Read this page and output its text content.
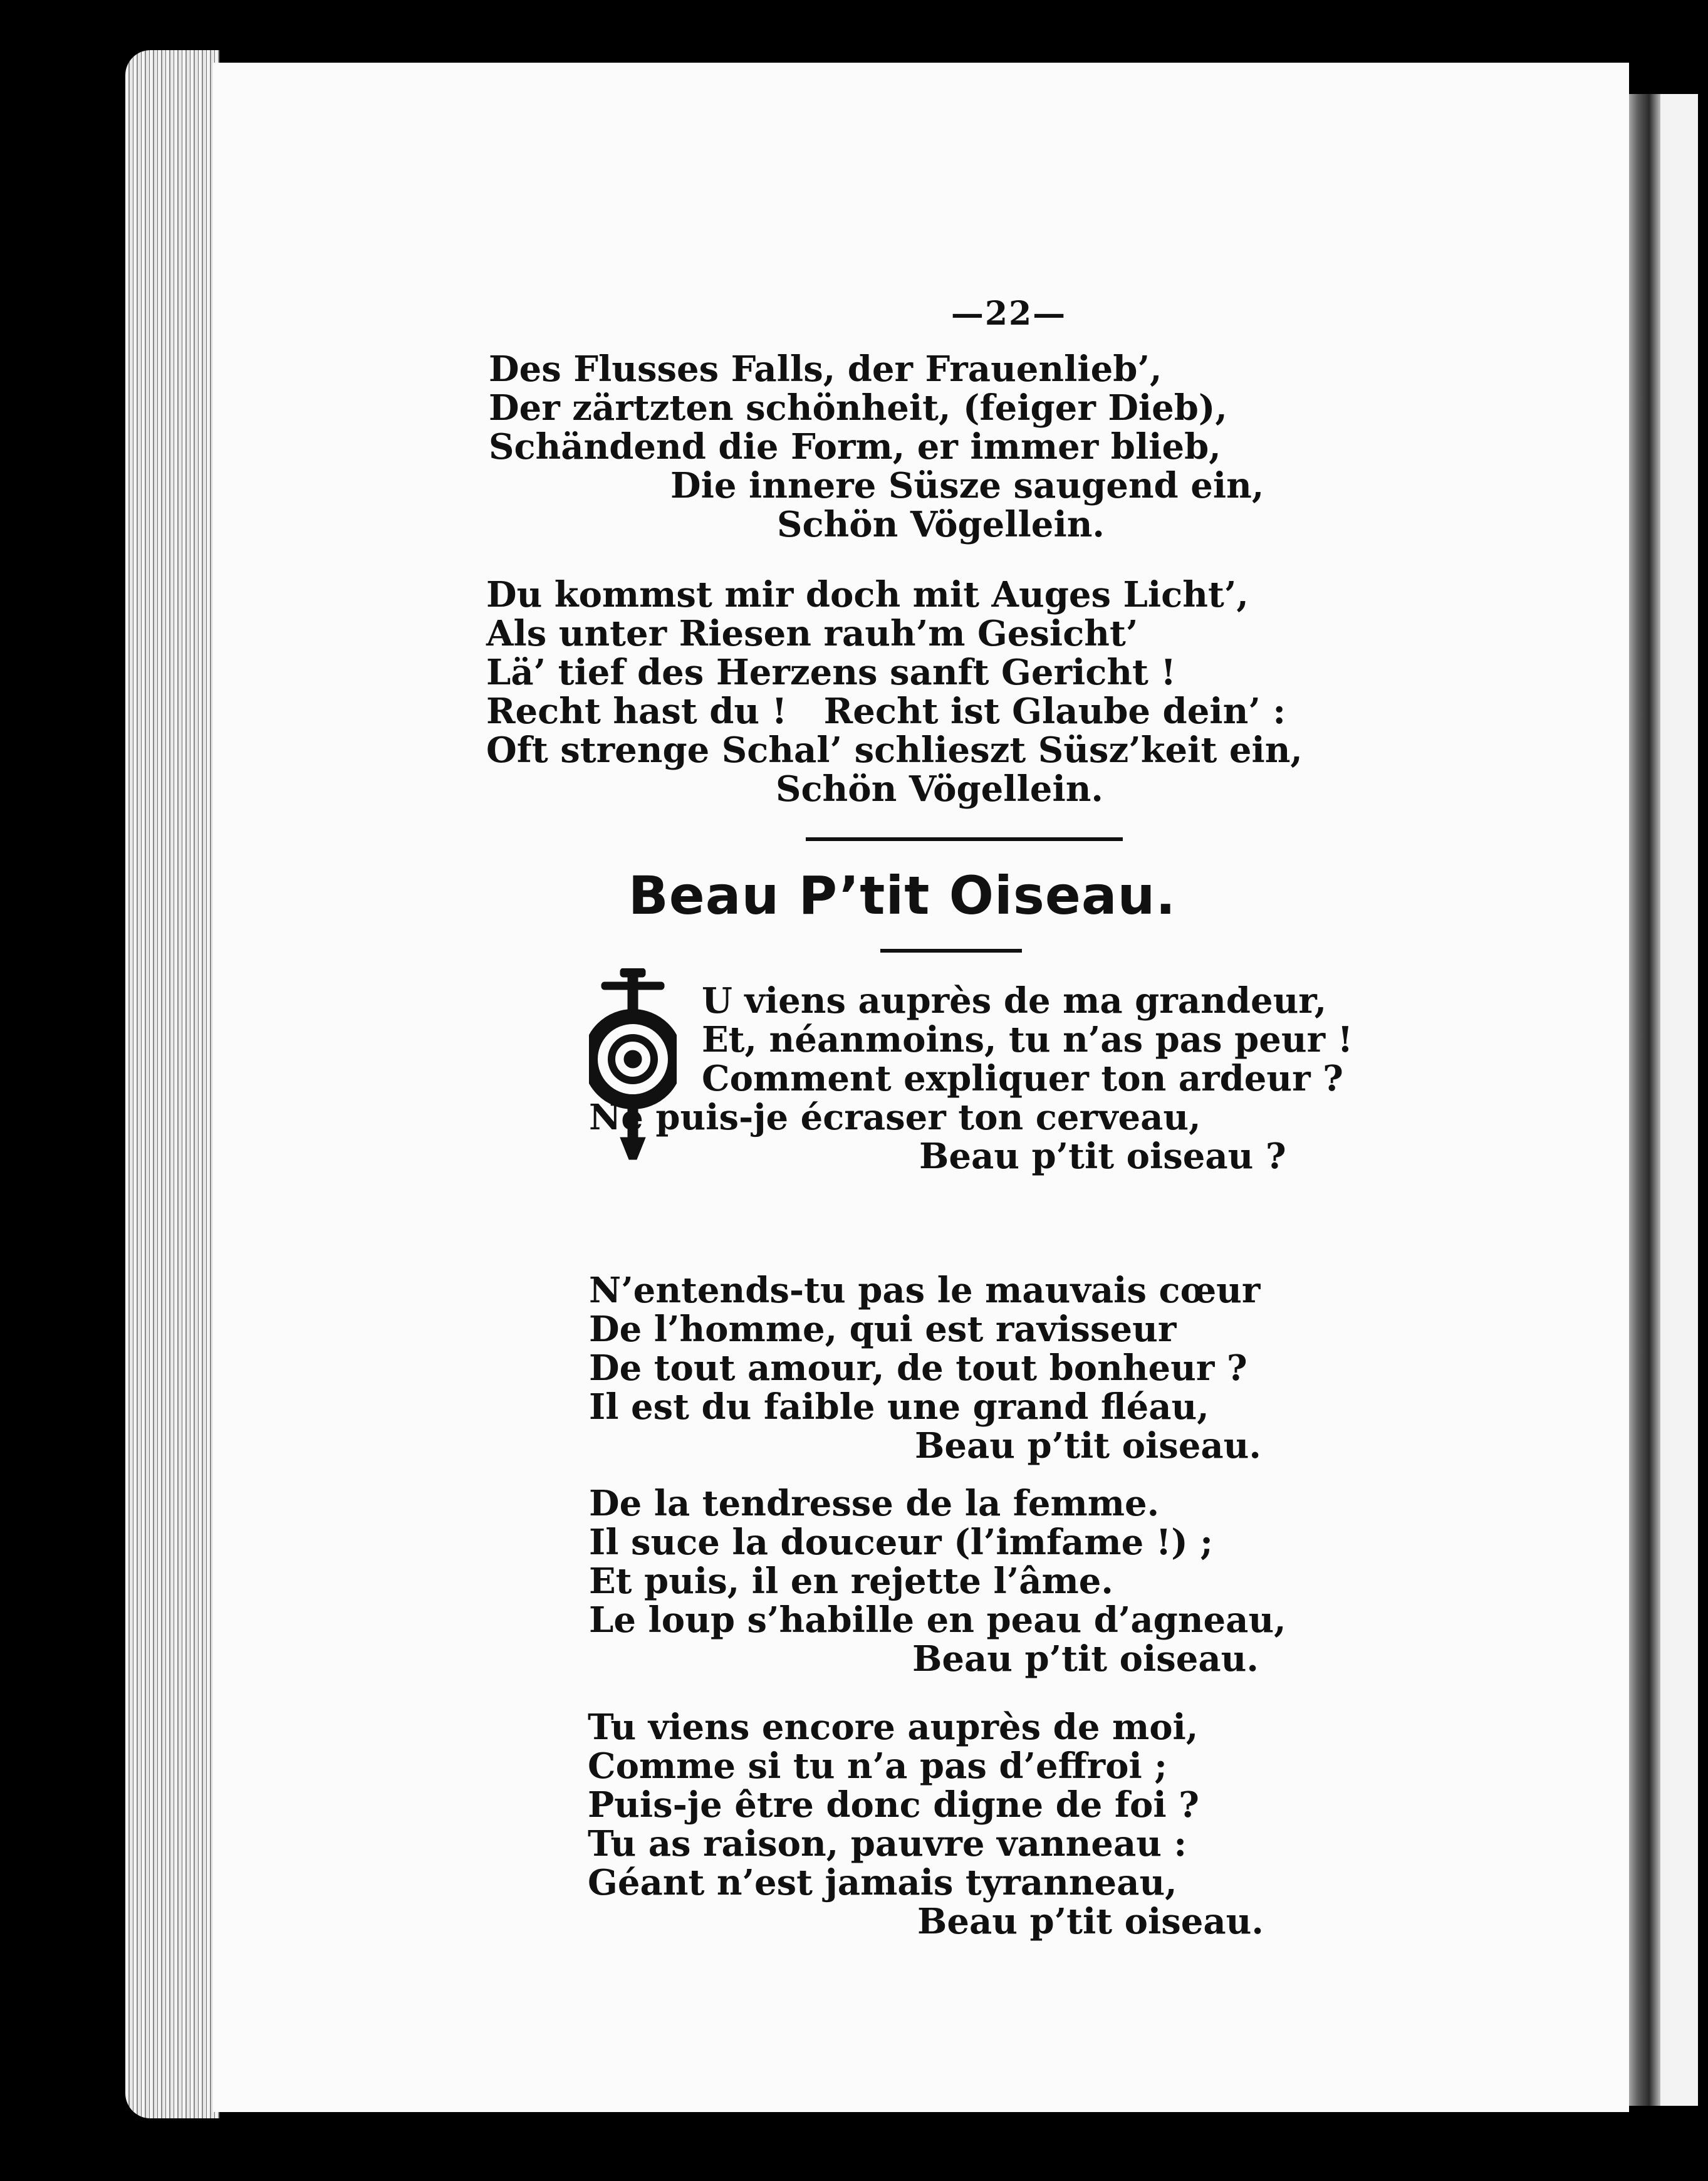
—22—
Des Flusses Falls, der Frauenlieb’,
Der zärtzten schönheit, (feiger Dieb),
Schändend die Form, er immer blieb,
Die innere Süsze saugend ein,
Schön Vögellein.
Du kommst mir doch mit Auges Licht’,
Als unter Riesen rauh’m Gesicht’
Lä’ tief des Herzens sanft Gericht !
Recht hast du !   Recht ist Glaube dein’ :
Oft strenge Schal’ schlieszt Süsz’keit ein,
Schön Vögellein.
Beau P’tit Oiseau.
U viens auprès de ma grandeur,
Et, néanmoins, tu n’as pas peur !
Comment expliquer ton ardeur ?
Ne puis-je écraser ton cerveau,
Beau p’tit oiseau ?
N’entends-tu pas le mauvais cœur
De l’homme, qui est ravisseur
De tout amour, de tout bonheur ?
Il est du faible une grand fléau,
Beau p’tit oiseau.
De la tendresse de la femme.
Il suce la douceur (l’imfame !) ;
Et puis, il en rejette l’âme.
Le loup s’habille en peau d’agneau,
Beau p’tit oiseau.
Tu viens encore auprès de moi,
Comme si tu n’a pas d’effroi ;
Puis-je être donc digne de foi ?
Tu as raison, pauvre vanneau :
Géant n’est jamais tyranneau,
Beau p’tit oiseau.
